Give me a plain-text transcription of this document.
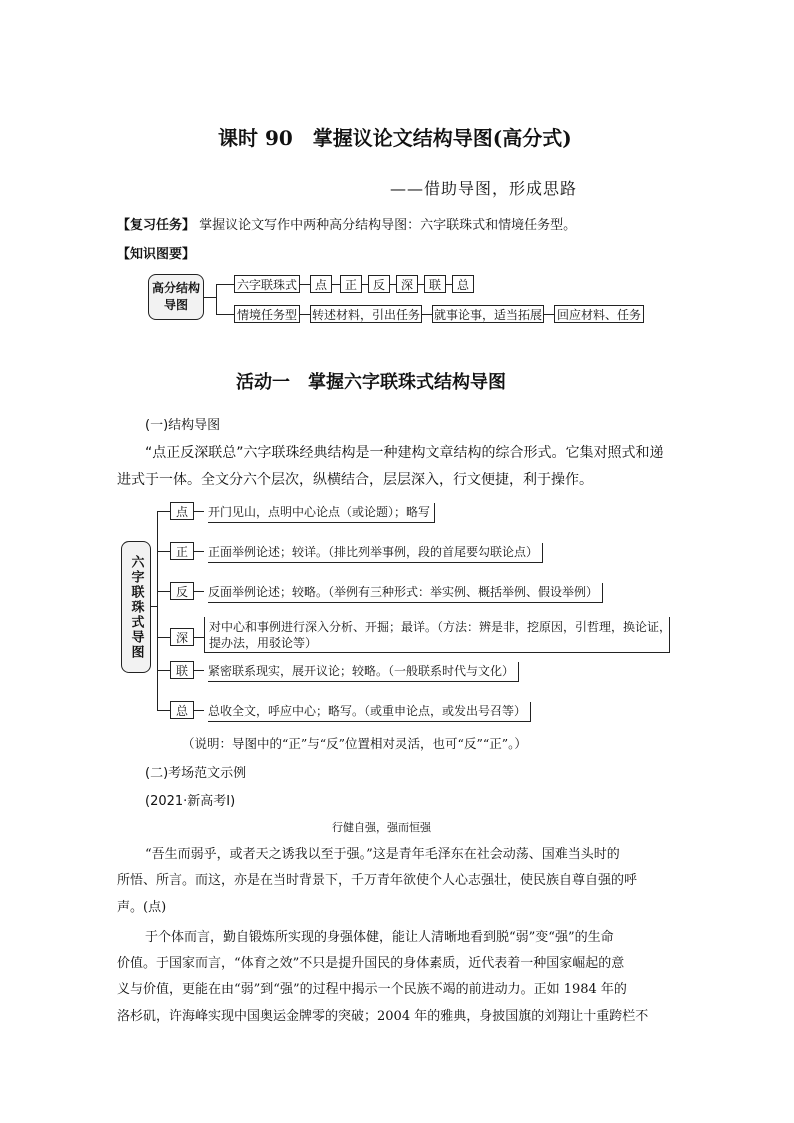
课时 90　掌握议论文结构导图(高分式)
——借助导图，形成思路
【复习任务】 掌握议论文写作中两种高分结构导图：六字联珠式和情境任务型。
【知识图要】
高分结构导图
六字联珠式	点	正	反	深	联	总
情境任务型 转述材料，引出任务 就事论事，适当拓展 回应材料、任务
活动一　掌握六字联珠式结构导图
(一)结构导图
“点正反深联总”六字联珠经典结构是一种建构文章结构的综合形式。它集对照式和递
进式于一体。全文分六个层次，纵横结合，层层深入，行文便捷，利于操作。
六字联珠式导图
点	开门见山，点明中心论点（或论题）；略写
正	正面举例论述；较详。（排比列举事例，段的首尾要勾联论点）
反	反面举例论述；较略。（举例有三种形式：举实例、概括举例、假设举例）
深
对中心和事例进行深入分析、开掘；最详。（方法：辨是非，挖原因，引哲理，换论证，
提办法，用驳论等）
联	紧密联系现实，展开议论；较略。（一般联系时代与文化）
总	总收全文，呼应中心；略写。（或重申论点，或发出号召等）
（说明：导图中的“正”与“反”位置相对灵活，也可“反”“正”。）
(二)考场范文示例
(2021·新高考Ⅰ)
行健自强，强而恒强
“吾生而弱乎，或者天之诱我以至于强。”这是青年毛泽东在社会动荡、国难当头时的
所悟、所言。而这，亦是在当时背景下，千万青年欲使个人心志强壮，使民族自尊自强的呼
声。(点)
于个体而言，勤自锻炼所实现的身强体健，能让人清晰地看到脱“弱”变“强”的生命
价值。于国家而言，“体育之效”不只是提升国民的身体素质，近代表着一种国家崛起的意
义与价值，更能在由“弱”到“强”的过程中揭示一个民族不竭的前进动力。正如 1984 年的
洛杉矶，许海峰实现中国奥运金牌零的突破；2004 年的雅典，身披国旗的刘翔让十重跨栏不
